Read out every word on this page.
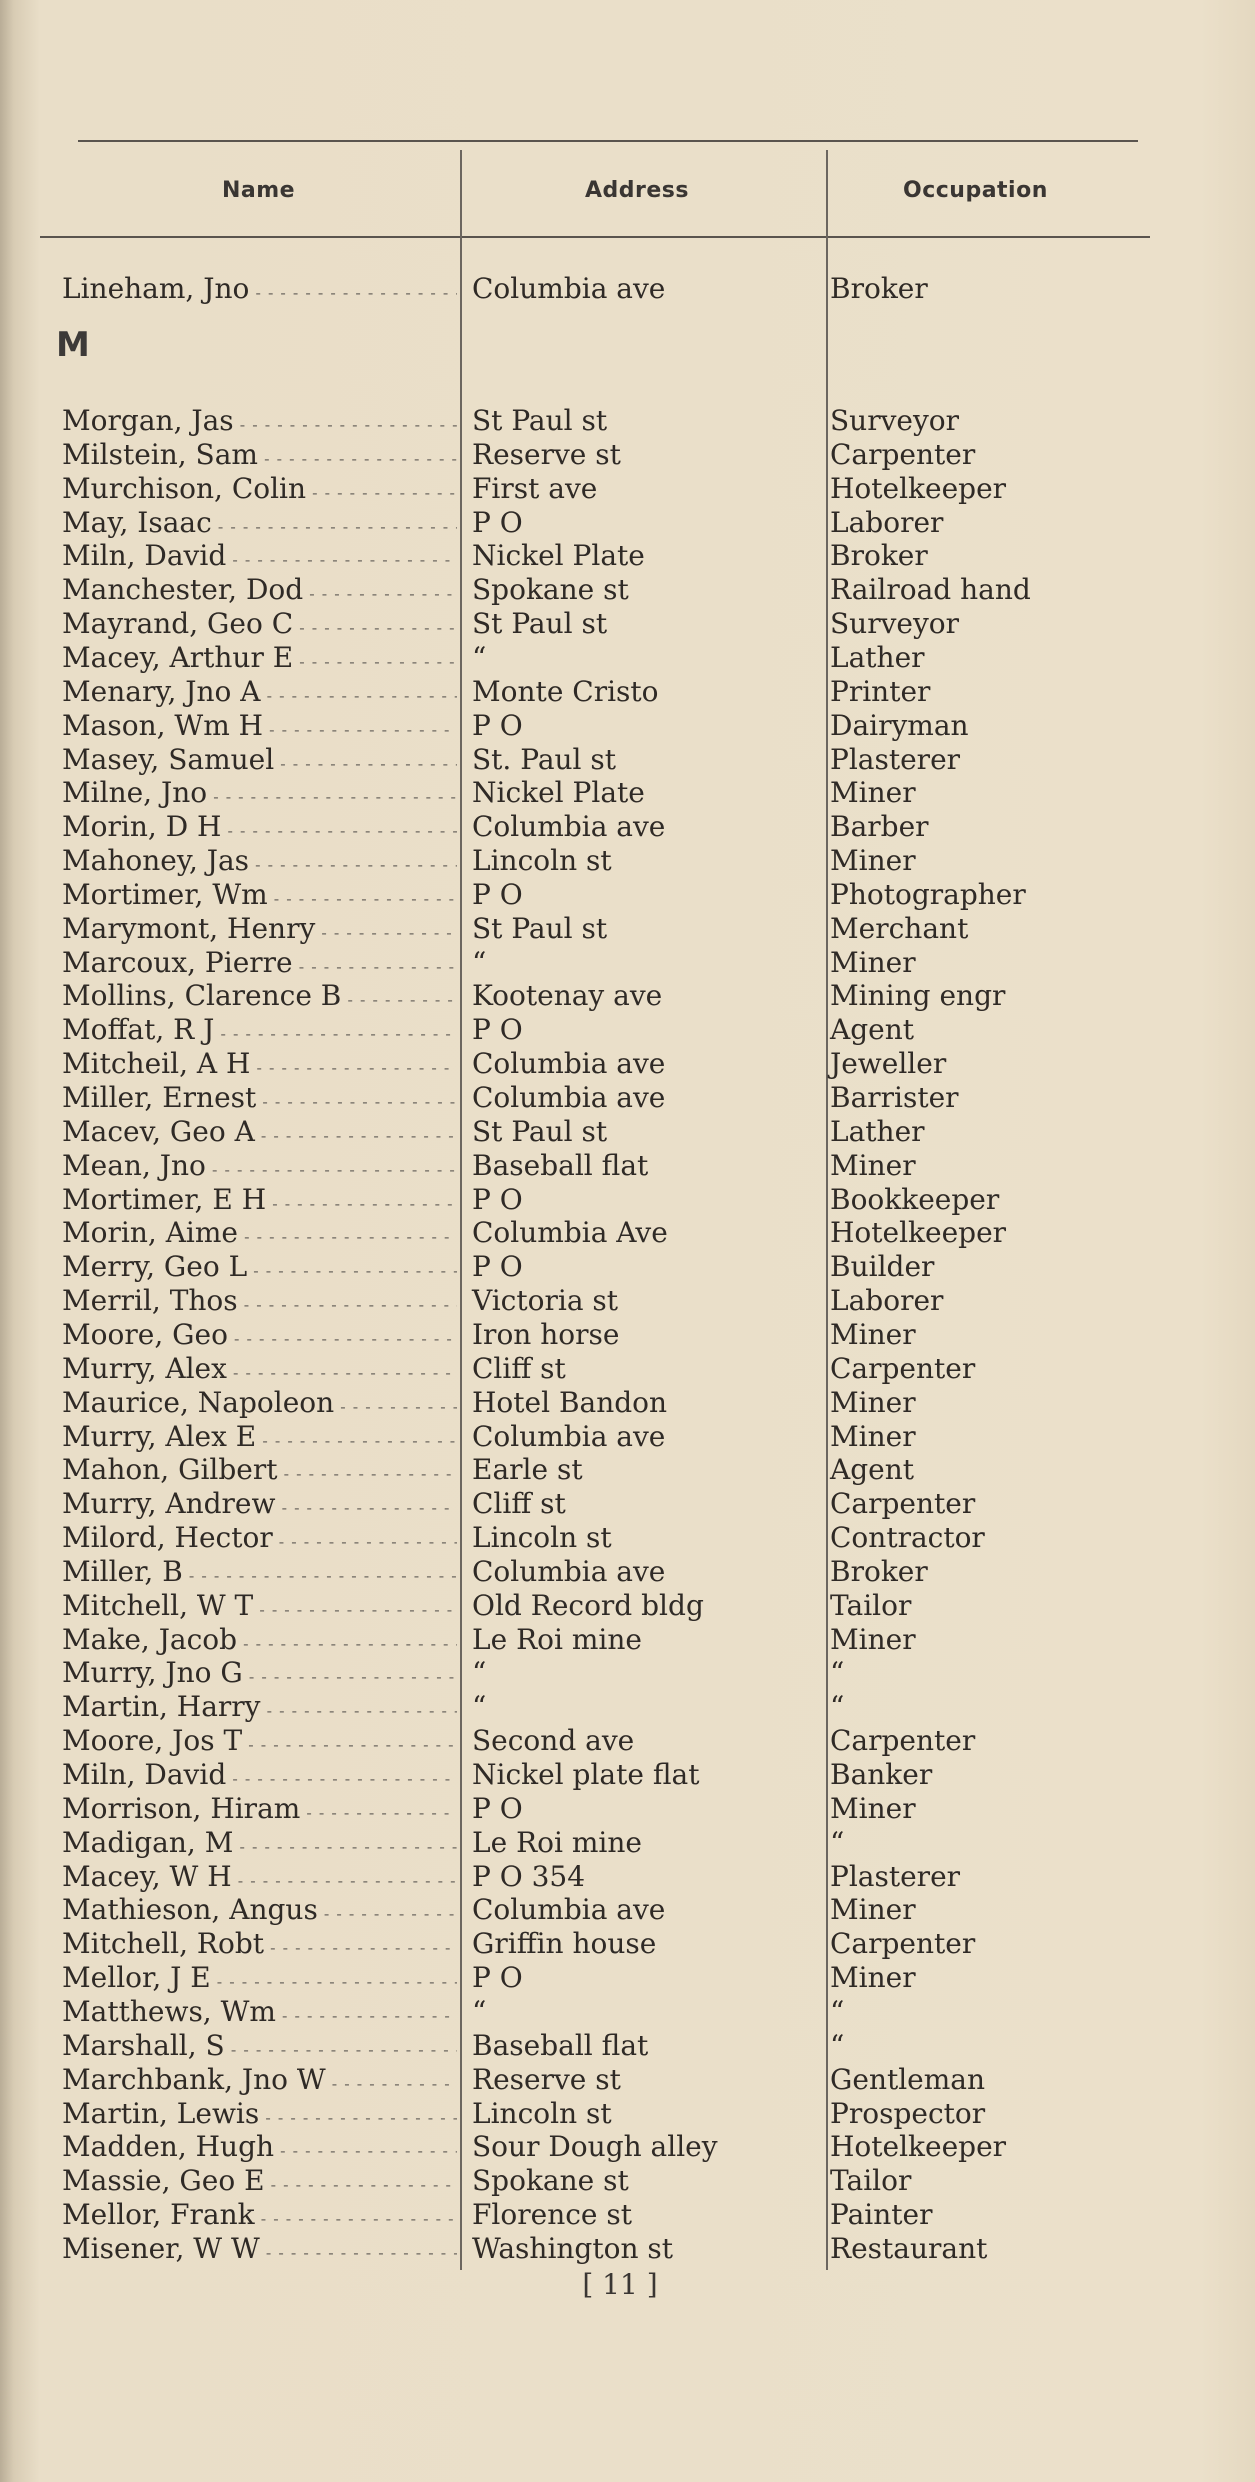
Name	Address	Occupation
Lineham, Jno - - -	Columbia ave	Broker
M
Morgan, Jas - - -	St Paul st	Surveyor
Milstein, Sam - - -	Reserve st	Carpenter
Murchison, Colin - - -	First ave	Hotelkeeper
May, Isaac - - -	P O	Laborer
Miln, David - - -	Nickel Plate	Broker
Manchester, Dod - - -	Spokane st	Railroad hand
Mayrand, Geo C - - -	St Paul st	Surveyor
Macey, Arthur E - - -	“	Lather
Menary, Jno A - - -	Monte Cristo	Printer
Mason, Wm H - - -	P O	Dairyman
Masey, Samuel - - -	St. Paul st	Plasterer
Milne, Jno - - -	Nickel Plate	Miner
Morin, D H - - -	Columbia ave	Barber
Mahoney, Jas - - -	Lincoln st	Miner
Mortimer, Wm - - -	P O	Photographer
Marymont, Henry - - -	St Paul st	Merchant
Marcoux, Pierre - - -	“	Miner
Mollins, Clarence B - - -	Kootenay ave	Mining engr
Moffat, R J - - -	P O	Agent
Mitcheil, A H - - -	Columbia ave	Jeweller
Miller, Ernest - - -	Columbia ave	Barrister
Macev, Geo A - - -	St Paul st	Lather
Mean, Jno - - -	Baseball flat	Miner
Mortimer, E H - - -	P O	Bookkeeper
Morin, Aime - - -	Columbia Ave	Hotelkeeper
Merry, Geo L - - -	P O	Builder
Merril, Thos - - -	Victoria st	Laborer
Moore, Geo - - -	Iron horse	Miner
Murry, Alex - - -	Cliff st	Carpenter
Maurice, Napoleon - - -	Hotel Bandon	Miner
Murry, Alex E - - -	Columbia ave	Miner
Mahon, Gilbert - - -	Earle st	Agent
Murry, Andrew - - -	Cliff st	Carpenter
Milord, Hector - - -	Lincoln st	Contractor
Miller, B - - -	Columbia ave	Broker
Mitchell, W T - - -	Old Record bldg	Tailor
Make, Jacob - - -	Le Roi mine	Miner
Murry, Jno G - - -	“	“
Martin, Harry - - -	“	“
Moore, Jos T - - -	Second ave	Carpenter
Miln, David - - -	Nickel plate flat	Banker
Morrison, Hiram - - -	P O	Miner
Madigan, M - - -	Le Roi mine	“
Macey, W H - - -	P O 354	Plasterer
Mathieson, Angus - - -	Columbia ave	Miner
Mitchell, Robt - - -	Griffin house	Carpenter
Mellor, J E - - -	P O	Miner
Matthews, Wm - - -	“	“
Marshall, S - - -	Baseball flat	“
Marchbank, Jno W - - -	Reserve st	Gentleman
Martin, Lewis - - -	Lincoln st	Prospector
Madden, Hugh - - -	Sour Dough alley	Hotelkeeper
Massie, Geo E - - -	Spokane st	Tailor
Mellor, Frank - - -	Florence st	Painter
Misener, W W - - -	Washington st	Restaurant
[ 11 ]
